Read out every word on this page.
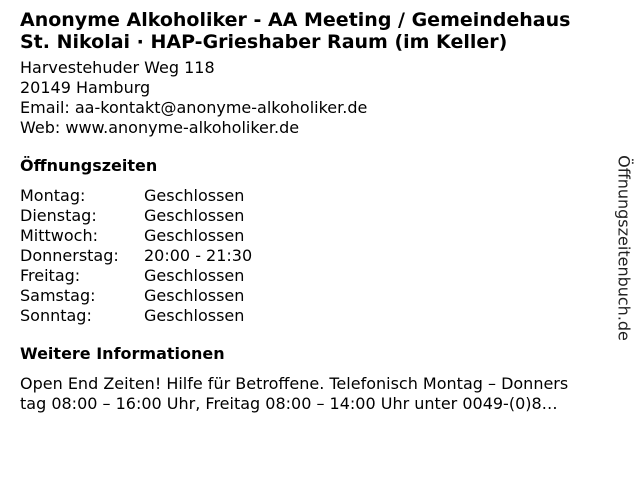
Anonyme Alkoholiker - AA Meeting / Gemeindehaus
St. Nikolai · HAP-Grieshaber Raum (im Keller)
Harvestehuder Weg 118
20149 Hamburg
Email: aa-kontakt@anonyme-alkoholiker.de
Web: www.anonyme-alkoholiker.de
Öffnungszeiten
Montag:	Geschlossen
Dienstag:	Geschlossen
Mittwoch:	Geschlossen
Donnerstag:	20:00 - 21:30
Freitag:	Geschlossen
Samstag:	Geschlossen
Sonntag:	Geschlossen
Weitere Informationen
Open End Zeiten! Hilfe für Betroffene. Telefonisch Montag – Donners
tag 08:00 – 16:00 Uhr, Freitag 08:00 – 14:00 Uhr unter 0049-(0)8…
Öffnungszeitenbuch.de
